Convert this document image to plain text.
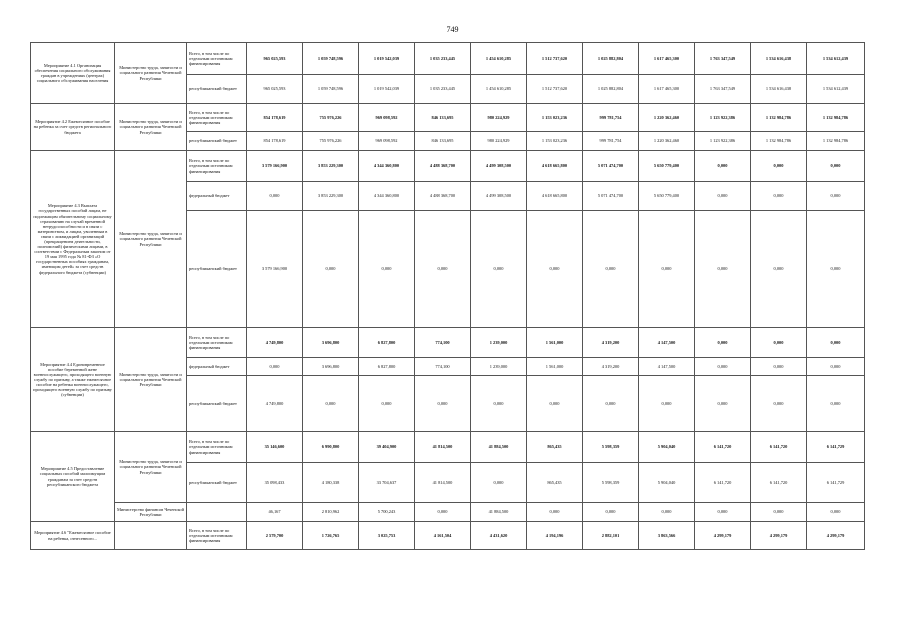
749
Мероприятие 4.1 Организация обеспечения социального обслуживания граждан в учреждениях (центрах) социального обслуживания населения	Министерство труда, занятости и социального развития Чеченской Республики	Всего, в том числе по отдельным источникам финансирования	965 025,593	1 059 748,596	1 019 542,039	1 035 233,445	1 454 610,285	1 512 737,620	1 025 882,804	1 617 465,300	1 763 347,549	1 534 616,438	1 534 612,439
		республиканский бюджет	965 025,593	1 059 748,596	1 019 542,039	1 035 233,445	1 454 610,285	1 512 737,620	1 025 882,804	1 617 465,300	1 763 347,549	1 534 616,438	1 534 612,439
Мероприятие 4.2 Ежемесячное пособие на ребенка за счет средств регионального бюджета	Министерство труда, занятости и социального развития Чеченской Республики	Всего, в том числе по отдельным источникам финансирования	854 178,619	755 976,226	969 098,592	846 133,695	980 224,929	1 153 023,236	999 781,754	1 220 362,460	1 123 922,386	1 132 984,786	1 132 984,786
		республиканский бюджет	854 178,619	755 976,226	969 098,592	846 133,695	980 224,929	1 153 023,236	999 781,754	1 220 362,460	1 123 922,386	1 132 984,786	1 132 984,786
Мероприятие 4.3 Выплата государственных пособий лицам, не подлежащим обязательному социальному страхованию на случай временной нетрудоспособности и в связи с материнством, и лицам, уволенным в связи с ликвидацией организаций (прекращением деятельности, полномочий) физическими лицами, в соответствии с Федеральным законом от 19 мая 1995 года № 81-ФЗ «О государственных пособиях гражданам, имеющим детей» за счет средств федерального бюджета (субвенции)	Министерство труда, занятости и социального развития Чеченской Республики	Всего, в том числе по отдельным источникам финансирования	3 579 166,900	3 853 229,300	4 344 360,800	4 488 368,700	4 499 308,500	4 618 665,800	5 071 474,700	5 650 779,400	0,000	0,000	0,000
		федеральный бюджет	0,000	3 853 229,300	4 344 360,800	4 488 368,700	4 499 308,500	4 618 665,800	5 071 474,700	5 650 779,400	0,000	0,000	0,000
		республиканский бюджет	3 579 166,900	0,000	0,000	0,000	0,000	0,000	0,000	0,000	0,000	0,000	0,000
Мероприятие 4.4 Единовременное пособие беременной жене военнослужащего, проходящего военную службу по призыву, а также ежемесячное пособие на ребенка военнослужащего, проходящего военную службу по призыву (субвенции)	Министерство труда, занятости и социального развития Чеченской Республики	Всего, в том числе по отдельным источникам финансирования	4 749,800	3 696,800	6 827,800	774,100	1 239,000	1 561,000	4 319,200	4 147,500	0,000	0,000	0,000
		федеральный бюджет	0,000	3 696,800	6 827,800	774,100	1 239,000	1 561,000	4 319,200	4 147,500	0,000	0,000	0,000
		республиканский бюджет	4 749,800	0,000	0,000	0,000	0,000	0,000	0,000	0,000	0,000	0,000	0,000
Мероприятие 4.5 Предоставление социальных пособий малоимущим гражданам за счет средств республиканского бюджета	Министерство труда, занятости и социального развития Чеченской Республики	Всего, в том числе по отдельным источникам финансирования	35 146,600	6 990,800	39 404,900	41 814,500	41 884,500	865,435	5 598,359	5 904,040	6 141,720	6 141,720	6 141,729
		республиканский бюджет	35 098,433	4 180,338	33 704,637	41 814,500	0,000	865,435	5 598,359	5 904,040	6 141,720	6 141,720	6 141,729
	Министерство финансов Чеченской Республики		46,167	2 810,962	5 700,243	0,000	41 884,500	0,000	0,000	0,000	0,000	0,000	0,000
Мероприятие 4.6 "Ежемесячное пособие на ребенка, отнесенного...		Всего, в том числе по отдельным источникам финансирования	2 579,700	1 726,765	3 025,753	4 161,504	4 431,620	4 194,196	2 882,101	3 863,566	4 299,179	4 299,179	4 299,179
